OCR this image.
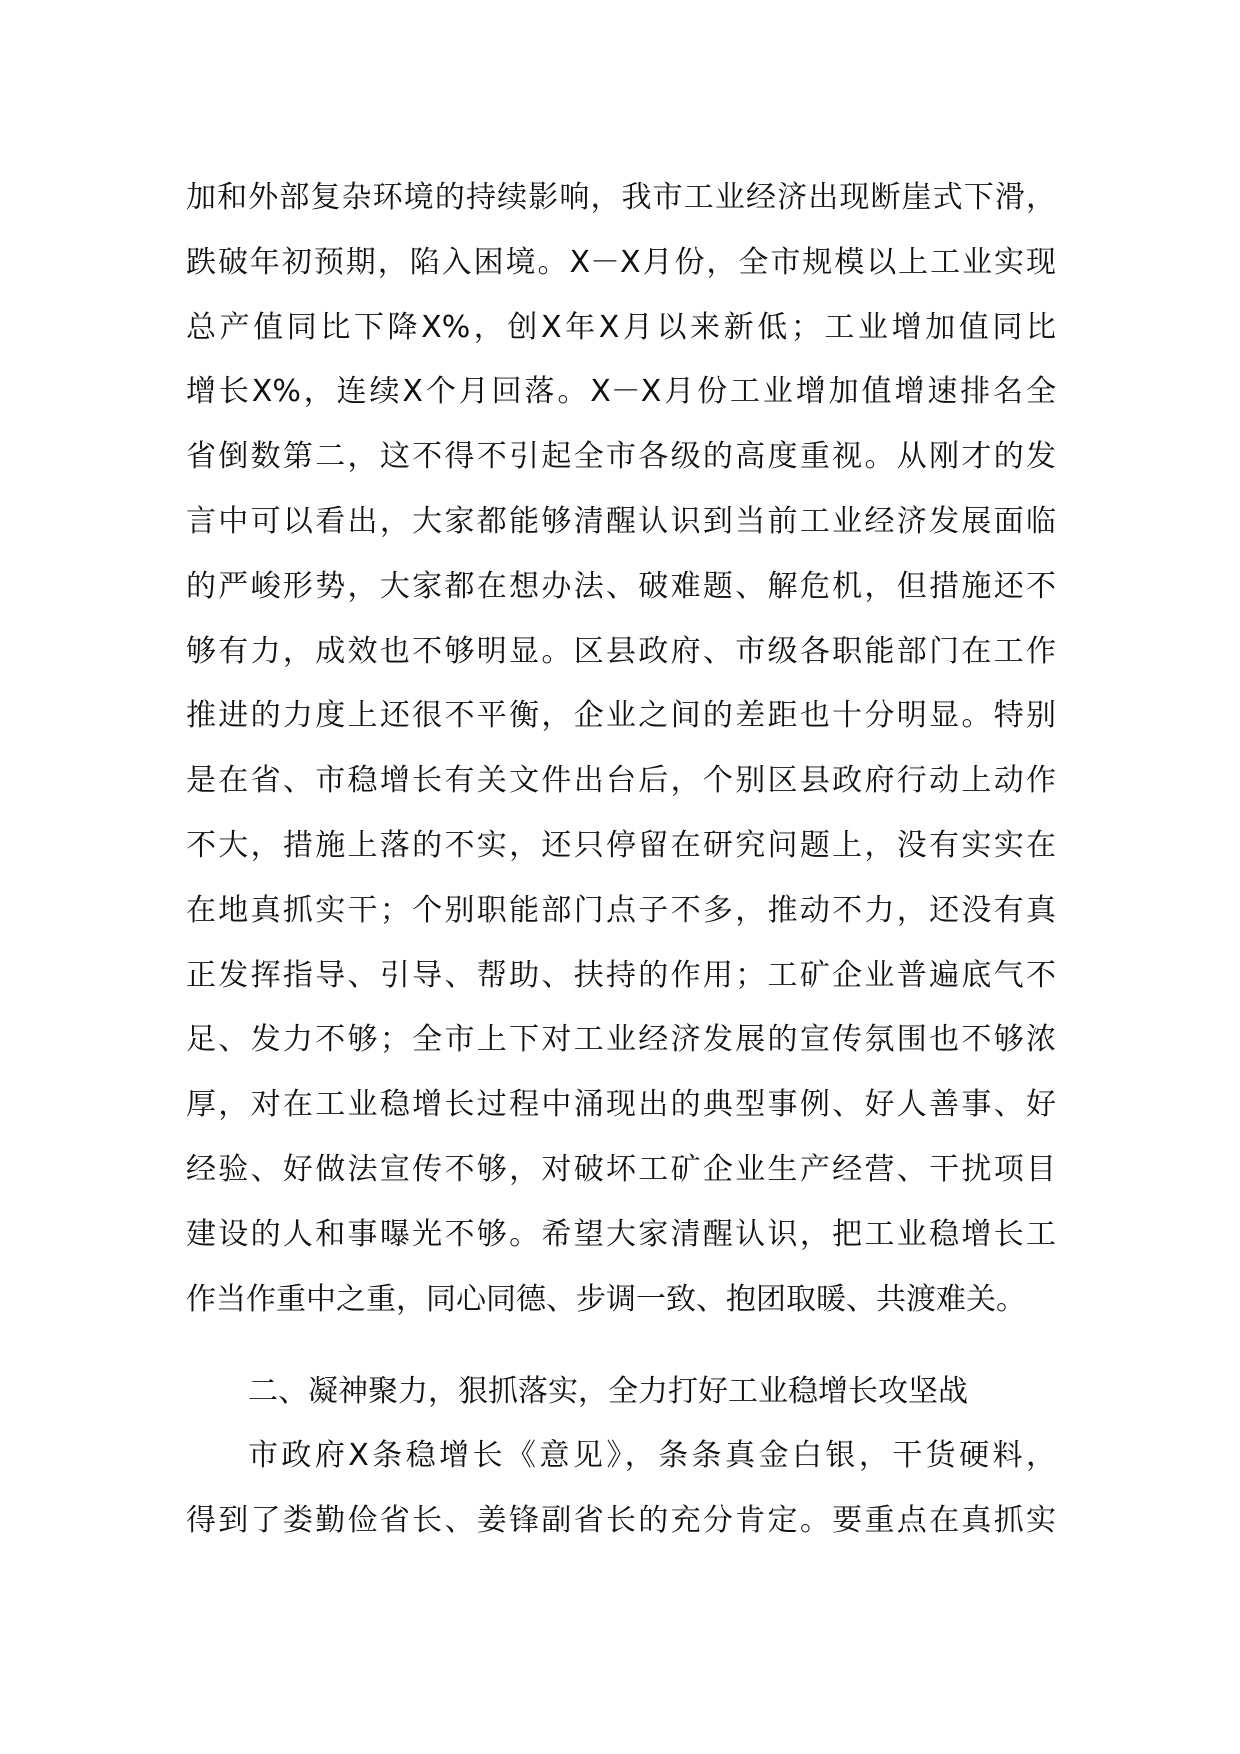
加和外部复杂环境的持续影响，我市工业经济出现断崖式下滑，
跌破年初预期，陷入困境。X－X月份，全市规模以上工业实现
总产值同比下降X%，创X年X月以来新低；工业增加值同比
增长X%，连续X个月回落。X－X月份工业增加值增速排名全
省倒数第二，这不得不引起全市各级的高度重视。从刚才的发
言中可以看出，大家都能够清醒认识到当前工业经济发展面临
的严峻形势，大家都在想办法、破难题、解危机，但措施还不
够有力，成效也不够明显。区县政府、市级各职能部门在工作
推进的力度上还很不平衡，企业之间的差距也十分明显。特别
是在省、市稳增长有关文件出台后，个别区县政府行动上动作
不大，措施上落的不实，还只停留在研究问题上，没有实实在
在地真抓实干；个别职能部门点子不多，推动不力，还没有真
正发挥指导、引导、帮助、扶持的作用；工矿企业普遍底气不
足、发力不够；全市上下对工业经济发展的宣传氛围也不够浓
厚，对在工业稳增长过程中涌现出的典型事例、好人善事、好
经验、好做法宣传不够，对破坏工矿企业生产经营、干扰项目
建设的人和事曝光不够。希望大家清醒认识，把工业稳增长工
作当作重中之重，同心同德、步调一致、抱团取暖、共渡难关。
二、凝神聚力，狠抓落实，全力打好工业稳增长攻坚战
市政府X条稳增长《意见》，条条真金白银，干货硬料，
得到了娄勤俭省长、姜锋副省长的充分肯定。要重点在真抓实
